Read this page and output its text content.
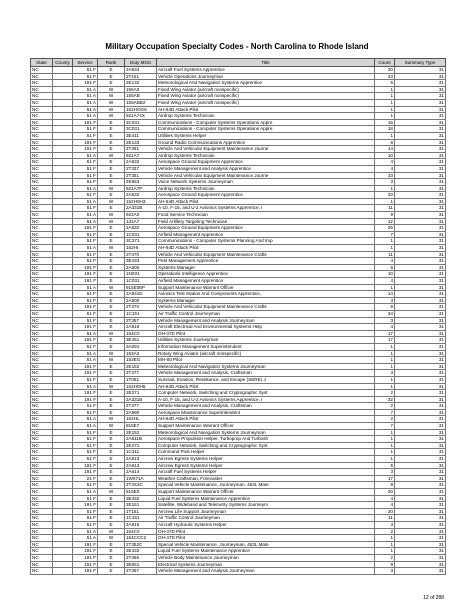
Military Occupation Specialty Codes - North Carolina to Rhode Island
State	County	Service	Rank	Duty MOS	Title	Count	Summary Type
NC		51 F	E	2A634	Aircraft Fuel Systems Apprentice	20	31
NC		51 F	E	2T151	Vehicle Operations Journeyman	23	31
NC		191 F	E	2E132	Meteorological And Navigation Systems Apprentice	5	31
NC		51 A	W	155A0	Fixed Wing Aviator (aircraft nonspecific)	1	31
NC		51 A	W	155AB	Fixed Wing Aviator (aircraft nonspecific)	1	31
NC		51 A	W	155ABB2	Fixed Wing Aviator (aircraft nonspecific)	1	31
NC		51 A	W	152HOG6	AH-64D Attack Pilot	1	31
NC		51 A	W	921A74X	Airdrop Systems Technician	1	31
NC		191 F	E	3C031	Communications - Computer Systems Operations Appre	16	31
NC		51 F	E	3C031	Communications - Computer Systems Operations Appre	18	31
NC		51 F	E	3E411	Utilities Systems Helper	1	31
NC		191 F	E	2E133	Ground Radio Communications Apprentice	6	31
NC		191 F	E	2T351	Vehicle And Vehicular Equipment Maintenance Journe	14	31
NC		51 A	W	921A7	Airdrop Systems Technician	10	31
NC		51 F	E	2A632	Aerospace Ground Equipment Apprentice	4	31
NC		51 F	E	2T337	Vehicle Management and Analysis Apprentice	4	31
NC		51 F	E	2T351	Vehicle And Vehicular Equipment Maintenance Journe	33	31
NC		51 F	E	2E653	Voice Network Systems Journeyman	3	31
NC		51 A	W	921A7P	Airdrop Systems Technician	1	31
NC		51 F	E	2A632	Aerospace Ground Equipment Apprentice	33	31
NC		51 A	W	152H0H3	AH-64D Attack Pilot	1	31
NC		51 F	E	2A331B	A-10, F-15, and U-2 Avionics Systems Apprentice, I	11	31
NC		51 A	W	922A0	Food Service Technician	9	31
NC		51 A	W	131A7	Field Artillery Targeting Technician	12	31
NC		191 F	E	2A632	Aerospace Ground Equipment Apprentice	26	31
NC		51 F	E	1C031	Airfield Management Apprentice	7	31
NC		51 F	E	3C371	Communications - Computer Systems Planning And Imp	1	31
NC		51 A	W	152HI	AH-64D Attack Pilot	1	31
NC		51 F	E	2T370	Vehicle And Vehicular Equipment Maintenance Crafts	11	31
NC		51 F	E	3E433	Pest Management Apprentice	4	31
NC		191 F	E	2A600	Systems Manager	6	31
NC		191 F	E	1N031	Operations Intelligence Apprentice	10	31
NC		191 F	E	1C031	Airfield Management Apprentice	4	31
NC		51 A	W	915E06P	Support Maintenance Warrant Officer	1	31
NC		51 F	E	2A531D	Avionics Test Station And Components Apprentice,	14	31
NC		51 F	E	2A600	Systems Manager	3	31
NC		191 F	E	2T370	Vehicle And Vehicular Equipment Maintenance Crafts	6	31
NC		51 F	E	1C151	Air Traffic Control Journeyman	34	31
NC		51 F	E	2T357	Vehicle Management and Analysis Journeyman	3	31
NC		191 F	E	2A616	Aircraft Electrical And Environmental Systems Help	4	31
NC		51 A	W	154C0	OH-47D Pilot	17	31
NC		191 F	E	3E451	Utilities Systems Journeyman	17	31
NC		51 F	E	3A091	Information Management Superintendent	1	31
NC		51 A	W	153A0	Rotary Wing Aviator (aircraft nonspecific)	1	31
NC		51 A	W	153EG	MH-60 Pilot	1	31
NC		191 F	E	2E152	Meteorological And Navigation Systems Journeyman	1	31
NC		191 F	E	2T377	Vehicle Management and Analysis, Craftsman	3	31
NC		51 F	E	1T051	Survival, Evasion, Resistance, and Escape (SERE) J	1	31
NC		51 A	W	152H0H5	AH-64D Attack Pilot	1	31
NC		191 F	E	2E271	Computer Network, Switching and Cryptographic Syst	2	31
NC		191 F	E	2A331B	A-10, F-15, and U-2 Avionics Systems Apprentice, I	32	31
NC		51 F	E	2T377	Vehicle Management and Analysis, Craftsman	2	31
NC		51 F	E	2A590	Aerospace Maintenance Superintendent	7	31
NC		51 A	W	152HL	AH-64D Attack Pilot	2	31
NC		51 A	W	915E7	Support Maintenance Warrant Officer	7	31
NC		51 F	E	2E152	Meteorological And Navigation Systems Journeyman	1	31
NC		51 F	E	2A611B	Aerospace Propulsion Helper, Turboprop And Turbosh	1	31
NC		51 F	E	2E271	Computer Network, Switching and Cryptographic Syst	1	31
NC		51 F	E	1C311	Command Post Helper	1	31
NC		51 F	E	2A613	Aircrew Egress Systems Helper	1	31
NC		191 F	E	2A613	Aircrew Egress Systems Helper	5	31
NC		191 F	E	2A614	Aircraft Fuel Systems Helper	3	31
NC		21 F	E	1W071A	Weather Craftsman, Forecaster	17	31
NC		51 F	E	2T3X2C	Special Vehicle Maintenance, Journeyman, 463L Mate	8	31
NC		51 A	W	915E0	Support Maintenance Warrant Officer	20	31
NC		51 F	E	3E432	Liquid Fuel Systems Maintenance Apprentice	4	31
NC		191 F	E	2E151	Satellite, Wideband and Telemetry Systems Journeym	4	31
NC		51 F	E	1T151	Aircrew Life Support Journeyman	20	31
NC		51 F	E	1C151	Air Traffic Control Journeyman	11	31
NC		51 F	E	2A615	Aircraft Hydraulic Systems Helper	3	31
NC		51 A	W	154C0	OH-47D Pilot	2	31
NC		51 A	W	154CCC2	OH-47D Pilot	1	31
NC		191 F	E	2T352C	Special Vehicle Maintenance, Journeyman, 463L Mate	1	31
NC		191 F	E	3E432	Liquid Fuel Systems Maintenance Apprentice	1	31
NC		191 F	E	2T355	Vehicle Body Maintenance Journeyman	2	31
NC		191 F	E	3E051	Electrical Systems Journeyman	9	31
NC		191 F	E	2T357	Vehicle Management and Analysis Journeyman	3	31
12 of 288
